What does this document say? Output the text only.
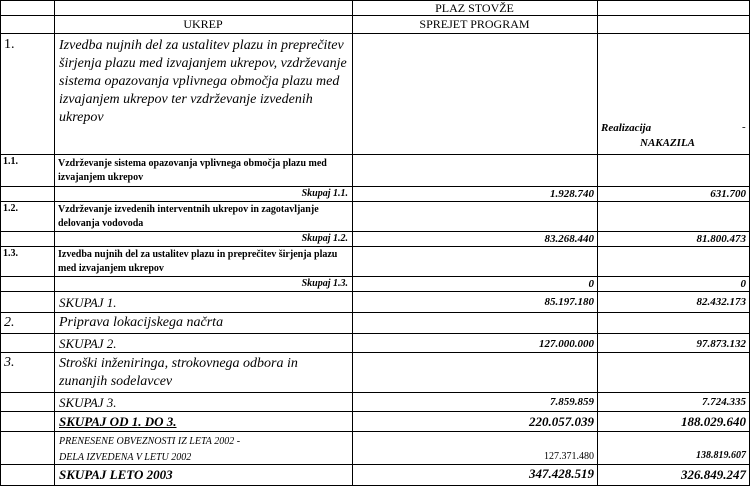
PLAZ STOVŽE
UKREP	SPREJET PROGRAM
1.	Izvedba nujnih del za ustalitev plazu in preprečitev širjenja plazu med izvajanjem ukrepov, vzdrževanje sistema opazovanja vplivnega območja plazu med izvajanjem ukrepov ter vzdrževanje izvedenih ukrepov
Realizacija	-
NAKAZILA
1.1.	Vzdrževanje sistema opazovanja vplivnega območja plazu med izvajanjem ukrepov
Skupaj 1.1.	1.928.740	631.700
1.2.	Vzdrževanje izvedenih interventnih ukrepov in zagotavljanje delovanja vodovoda
Skupaj 1.2.	83.268.440	81.800.473
1.3.	Izvedba nujnih del za ustalitev plazu in preprečitev širjenja plazu med izvajanjem ukrepov
Skupaj 1.3.	0	0
SKUPAJ 1.	85.197.180	82.432.173
2.	Priprava lokacijskega načrta
SKUPAJ 2.	127.000.000	97.873.132
3.	Stroški inženiringa, strokovnega odbora in zunanjih sodelavcev
SKUPAJ 3.	7.859.859	7.724.335
SKUPAJ OD 1. DO 3.	220.057.039	188.029.640
PRENESENE OBVEZNOSTI IZ LETA 2002 -
DELA IZVEDENA V LETU 2002	127.371.480	138.819.607
SKUPAJ LETO 2003	347.428.519	326.849.247
